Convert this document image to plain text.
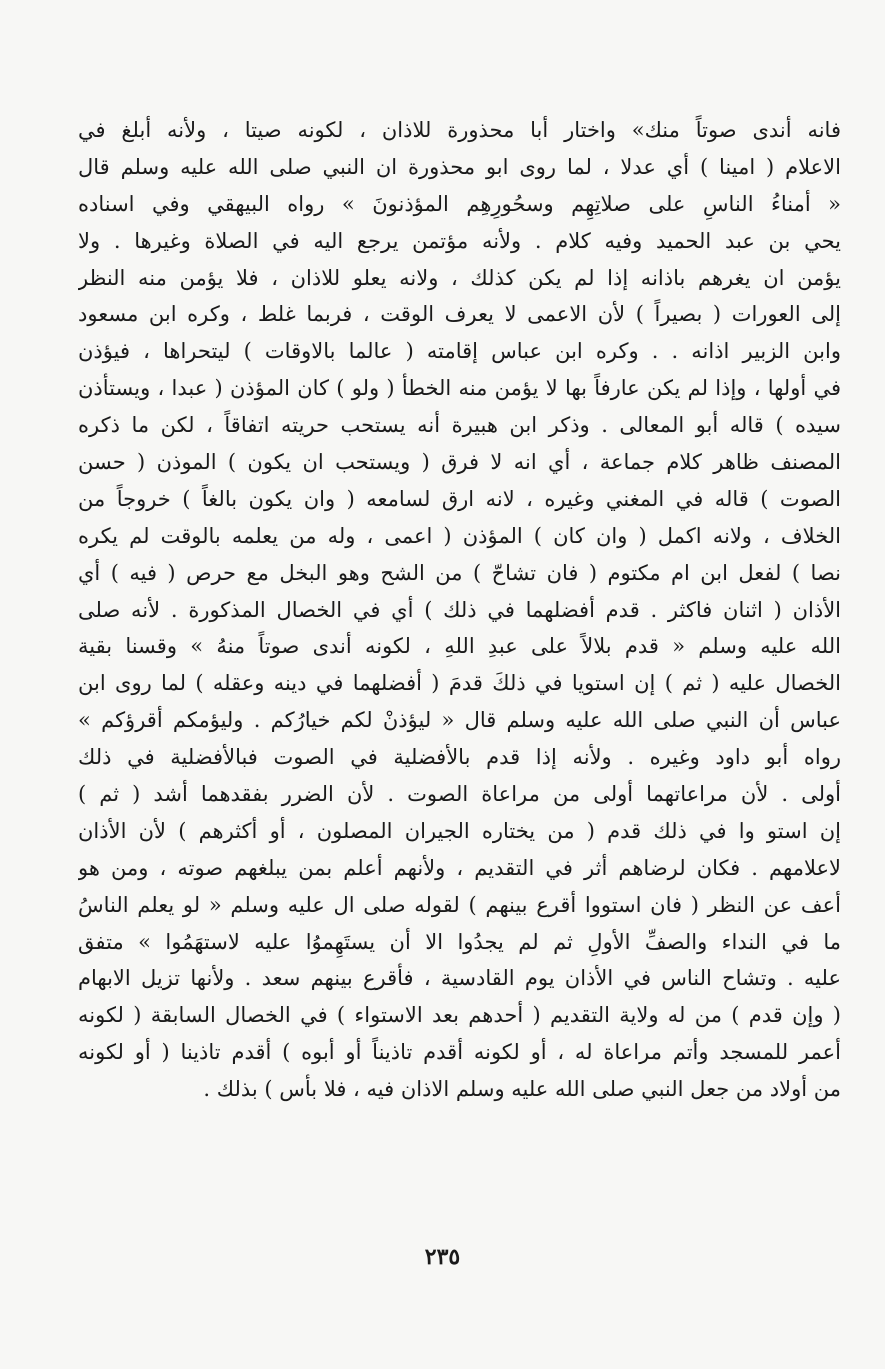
فانه أندى صوتاً منك» واختار أبا محذورة للاذان ، لكونه صيتا ، ولأنه أبلغ في
الاعلام ( امينا ) أي عدلا ، لما روى ابو محذورة ان النبي صلى الله عليه وسلم قال
« أمناءُ الناسِ على صلاتِهِم وسحُورِهِم المؤذنونَ » رواه البيهقي وفي اسناده
يحي بن عبد الحميد وفيه كلام . ولأنه مؤتمن يرجع اليه في الصلاة وغيرها . ولا
يؤمن ان يغرهم باذانه إذا لم يكن كذلك ، ولانه يعلو للاذان ، فلا يؤمن منه النظر
إلى العورات ( بصيراً ) لأن الاعمى لا يعرف الوقت ، فربما غلط ، وكره ابن مسعود
وابن الزبير اذانه . . وكره ابن عباس إقامته ( عالما بالاوقات ) ليتحراها ، فيؤذن
في أولها ، وإذا لم يكن عارفاً بها لا يؤمن منه الخطأ ( ولو ) كان المؤذن ( عبدا ، ويستأذن
سيده ) قاله أبو المعالى . وذكر ابن هبيرة أنه يستحب حريته اتفاقاً ، لكن ما ذكره
المصنف ظاهر كلام جماعة ، أي انه لا فرق ( ويستحب ان يكون ) الموذن ( حسن
الصوت ) قاله في المغني وغيره ، لانه ارق لسامعه ( وان يكون بالغاً ) خروجاً من
الخلاف ، ولانه اكمل ( وان كان ) المؤذن ( اعمى ، وله من يعلمه بالوقت لم يكره
نصا ) لفعل ابن ام مكتوم ( فان تشاحّ ) من الشح وهو البخل مع حرص ( فيه ) أي
الأذان ( اثنان فاكثر . قدم أفضلهما في ذلك ) أي في الخصال المذكورة . لأنه صلى
الله عليه وسلم « قدم بلالاً على عبدِ اللهِ ، لكونه أندى صوتاً منهُ » وقسنا بقية
الخصال عليه ( ثم ) إن استويا في ذلكَ قدمَ ( أفضلهما في دينه وعقله ) لما روى ابن
عباس أن النبي صلى الله عليه وسلم قال « ليؤذنْ لكم خيارُكم . وليؤمكم أقرؤكم »
رواه أبو داود وغيره . ولأنه إذا قدم بالأفضلية في الصوت فبالأفضلية في ذلك
أولى . لأن مراعاتهما أولى من مراعاة الصوت . لأن الضرر بفقدهما أشد ( ثم )
إن استو وا في ذلك قدم ( من يختاره الجيران المصلون ، أو أكثرهم ) لأن الأذان
لاعلامهم . فكان لرضاهم أثر في التقديم ، ولأنهم أعلم بمن يبلغهم صوته ، ومن هو
أعف عن النظر ( فان استووا أقرع بينهم ) لقوله صلى ال عليه وسلم « لو يعلم الناسُ
ما في النداء والصفِّ الأولِ ثم لم يجدُوا الا أن يستَهِموُا عليه لاستهَمُوا » متفق
عليه . وتشاح الناس في الأذان يوم القادسية ، فأقرع بينهم سعد . ولأنها تزيل الابهام
( وإن قدم ) من له ولاية التقديم ( أحدهم بعد الاستواء ) في الخصال السابقة ( لكونه
أعمر للمسجد وأتم مراعاة له ، أو لكونه أقدم تاذيناً أو أبوه ) أقدم تاذينا ( أو لكونه
من أولاد من جعل النبي صلى الله عليه وسلم الاذان فيه ، فلا بأس ) بذلك .
٢٣٥
